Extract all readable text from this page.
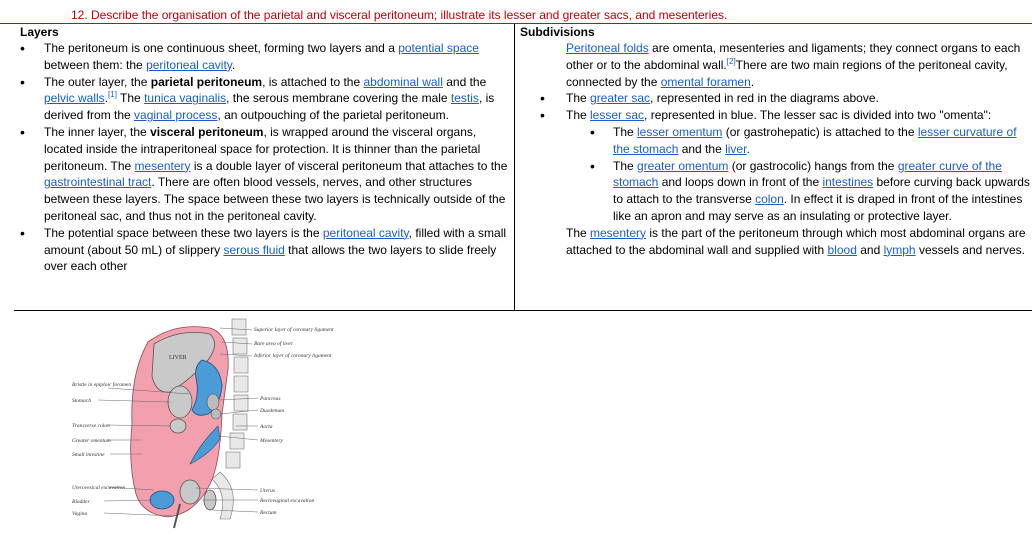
12. Describe the organisation of the parietal and visceral peritoneum; illustrate its lesser and greater sacs, and mesenteries.
Layers
• The peritoneum is one continuous sheet, forming two layers and a potential space between them: the peritoneal cavity.
• The outer layer, the parietal peritoneum, is attached to the abdominal wall and the pelvic walls.[1] The tunica vaginalis, the serous membrane covering the male testis, is derived from the vaginal process, an outpouching of the parietal peritoneum.
• The inner layer, the visceral peritoneum, is wrapped around the visceral organs, located inside the intraperitoneal space for protection. It is thinner than the parietal peritoneum. The mesentery is a double layer of visceral peritoneum that attaches to the gastrointestinal tract. There are often blood vessels, nerves, and other structures between these layers. The space between these two layers is technically outside of the peritoneal sac, and thus not in the peritoneal cavity.
• The potential space between these two layers is the peritoneal cavity, filled with a small amount (about 50 mL) of slippery serous fluid that allows the two layers to slide freely over each other
Subdivisions

Peritoneal folds are omenta, mesenteries and ligaments; they connect organs to each other or to the abdominal wall.[2]There are two main regions of the peritoneal cavity, connected by the omental foramen.

• The greater sac, represented in red in the diagrams above.
• The lesser sac, represented in blue. The lesser sac is divided into two "omenta":
• The lesser omentum (or gastrohepatic) is attached to the lesser curvature of the stomach and the liver.
• The greater omentum (or gastrocolic) hangs from the greater curve of the stomach and loops down in front of the intestines before curving back upwards to attach to the transverse colon. In effect it is draped in front of the intestines like an apron and may serve as an insulating or protective layer.

The mesentery is the part of the peritoneum through which most abdominal organs are attached to the abdominal wall and supplied with blood and lymph vessels and nerves.

LIVER
Superior layer of coronary ligament
Bare area of liver
Inferior layer of coronary ligament
Pancreas
Duodenum
Aorta
Mesentery
Uterus
Rectovaginal excavation
Rectum
Bristle in epiploic foramen
Stomach
Transverse colon
Greater omentum
Small intestine
Uterovesical excavation
Bladder
Vagina
